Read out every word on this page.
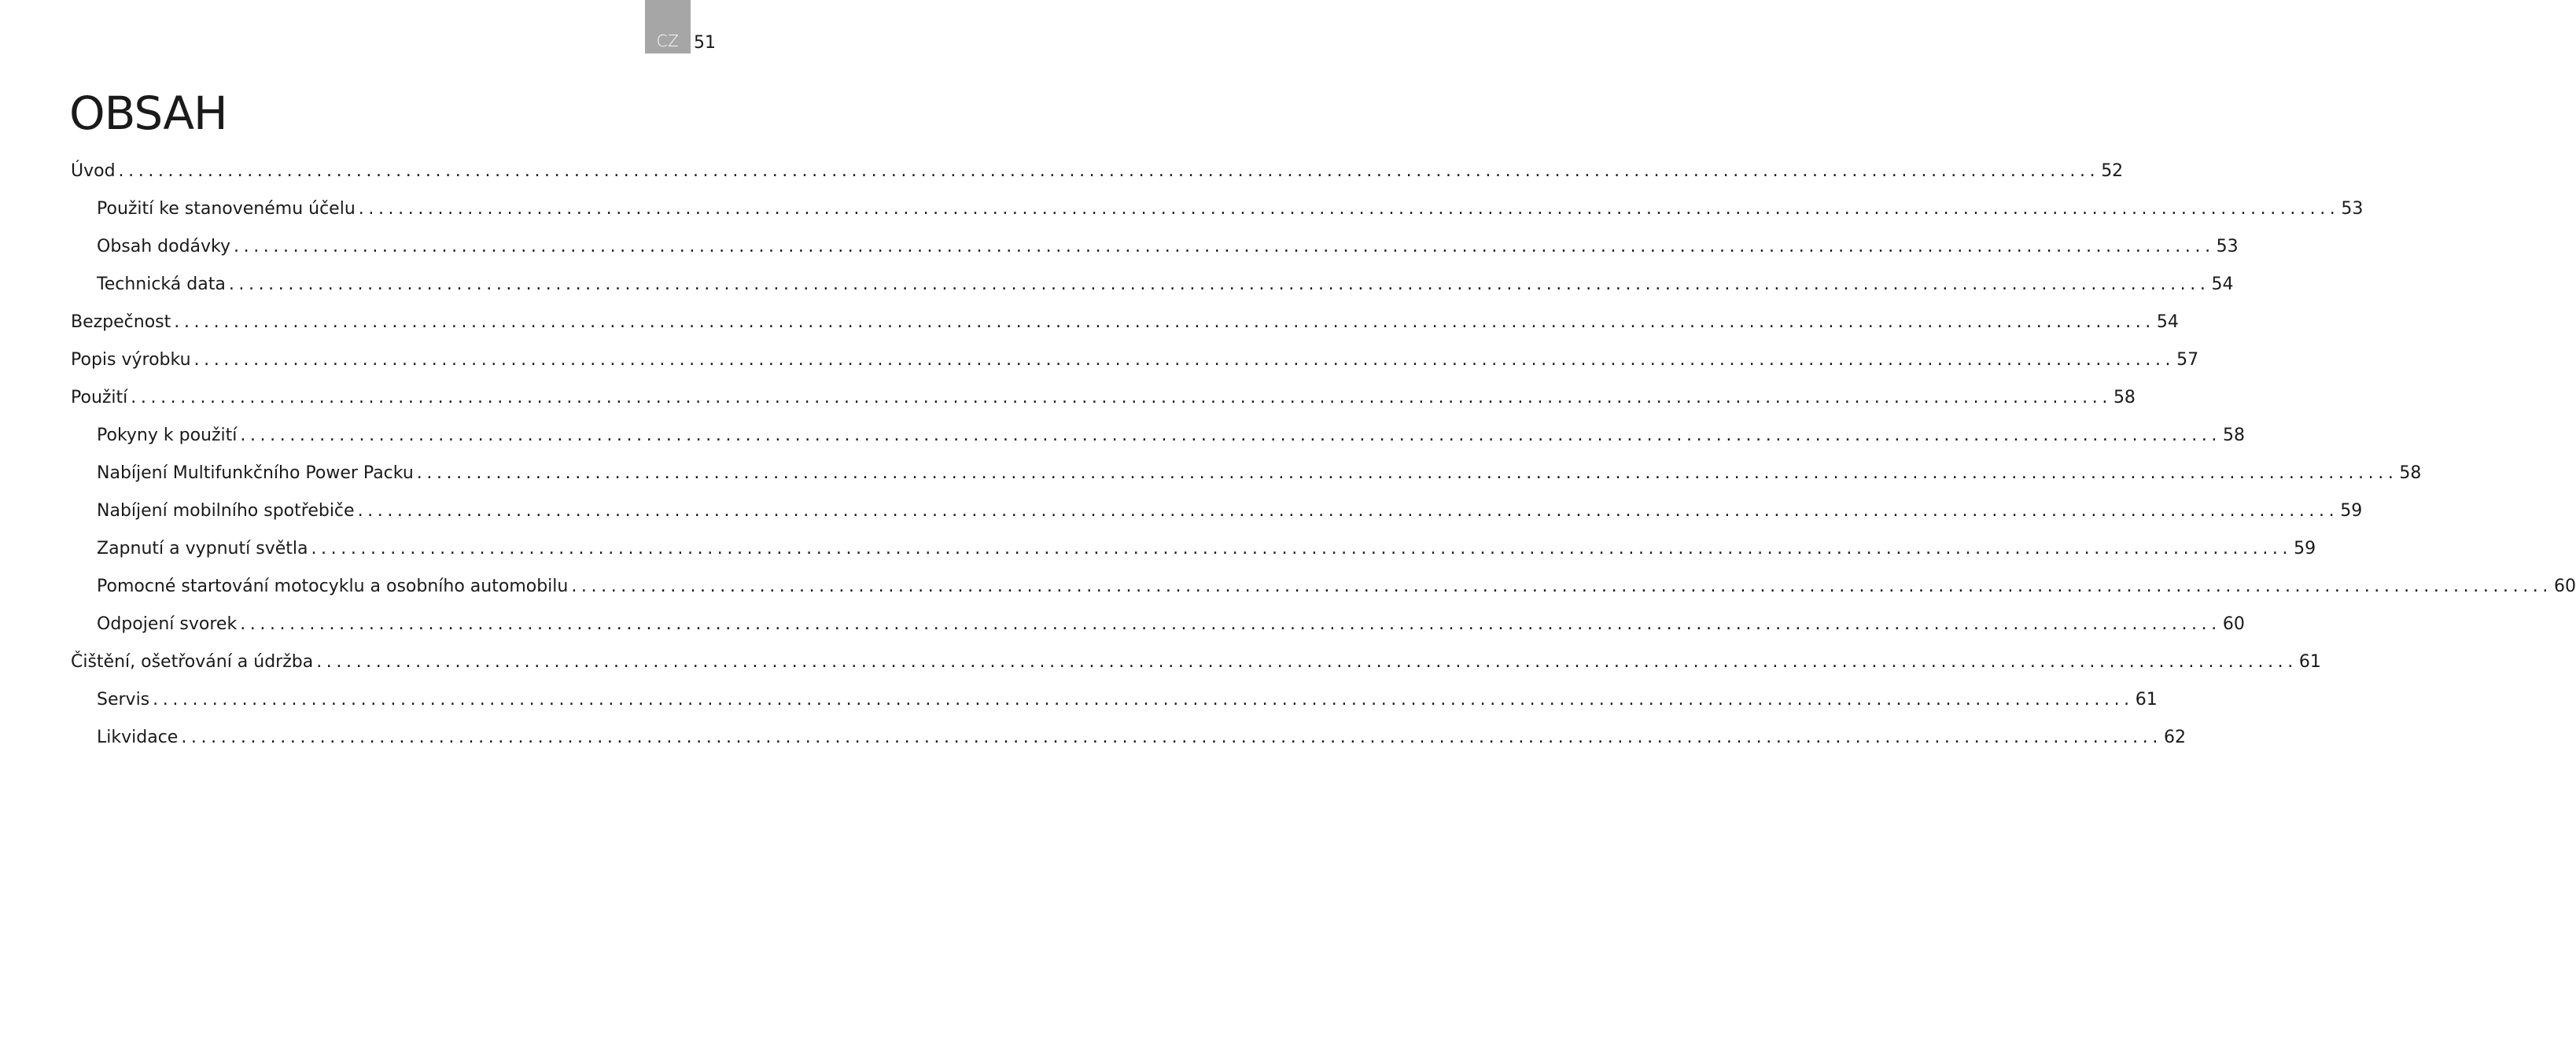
CZ 51
OBSAH
Úvod ........................................................................................................................................................................................................ 52
Použití ke stanovenému účelu ........................................................................................................................................................................................................ 53
Obsah dodávky ........................................................................................................................................................................................................ 53
Technická data ........................................................................................................................................................................................................ 54
Bezpečnost ........................................................................................................................................................................................................ 54
Popis výrobku ........................................................................................................................................................................................................ 57
Použití ........................................................................................................................................................................................................ 58
Pokyny k použití ........................................................................................................................................................................................................ 58
Nabíjení Multifunkčního Power Packu ........................................................................................................................................................................................................ 58
Nabíjení mobilního spotřebiče ........................................................................................................................................................................................................ 59
Zapnutí a vypnutí světla ........................................................................................................................................................................................................ 59
Pomocné startování motocyklu a osobního automobilu ........................................................................................................................................................................................................ 60
Odpojení svorek ........................................................................................................................................................................................................ 60
Čištění, ošetřování a údržba ........................................................................................................................................................................................................ 61
Servis ........................................................................................................................................................................................................ 61
Likvidace ........................................................................................................................................................................................................ 62
